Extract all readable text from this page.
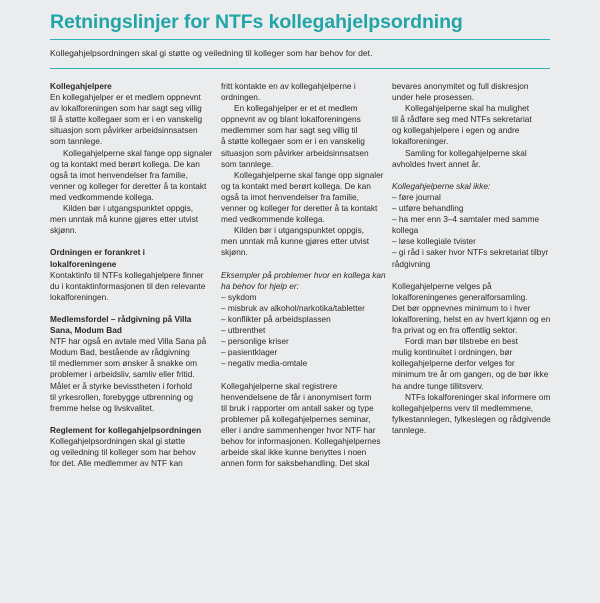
Retningslinjer for NTFs kollegahjelpsordning

Kollegahjelpsordningen skal gi støtte og veiledning til kolleger som har behov for det.

Kollegahjelpere

En kollegahjelper er et medlem oppnevnt
av lokalforeningen som har sagt seg villig
til å støtte kollegaer som er i en vanskelig
situasjon som påvirker arbeidsinnsatsen
som tannlege.

Kollegahjelperne skal fange opp signaler
og ta kontakt med berørt kollega. De kan
også ta imot henvendelser fra familie,
venner og kolleger for deretter å ta kontakt
med vedkommende kollega.

Kilden bør i utgangspunktet oppgis,
men unntak må kunne gjøres etter utvist
skjønn.

Ordningen er forankret i
lokalforeningene

Kontaktinfo til NTFs kollegahjelpere finner
du i kontaktinformasjonen til den relevante
lokalforeningen.

Medlemsfordel – rådgivning på Villa
Sana, Modum Bad

NTF har også en avtale med Villa Sana på
Modum Bad, bestående av rådgivning
til medlemmer som ønsker å snakke om
problemer i arbeidsliv, samliv eller fritid.
Målet er å styrke bevisstheten i forhold
til yrkesrollen, forebygge utbrenning og
fremme helse og livskvalitet.

Reglement for kollegahjelpsordningen

Kollegahjelpsordningen skal gi støtte
og veiledning til kolleger som har behov
for det. Alle medlemmer av NTF kan

fritt kontakte en av kollegahjelperne i
ordningen.

En kollegahjelper er et et medlem
oppnevnt av og blant lokalforeningens
medlemmer som har sagt seg villig til
å støtte kollegaer som er i en vanskelig
situasjon som påvirker arbeidsinnsatsen
som tannlege.

Kollegahjelperne skal fange opp signaler
og ta kontakt med berørt kollega. De kan
også ta imot henvendelser fra familie,
venner og kolleger for deretter å ta kontakt
med vedkommende kollega.

Kilden bør i utgangspunktet oppgis,
men unntak må kunne gjøres etter utvist
skjønn.

Eksempler på problemer hvor en kollega kan
ha behov for hjelp er:

– sykdom
– misbruk av alkohol/narkotika/tabletter
– konflikter på arbeidsplassen
– utbrenthet
– personlige kriser
– pasientklager
– negativ media-omtale

Kollegahjelperne skal registrere
henvendelsene de får i anonymisert form
til bruk i rapporter om antall saker og type
problemer på kollegahjelpernes seminar,
eller i andre sammenhenger hvor NTF har
behov for informasjonen. Kollegahjelpernes
arbeide skal ikke kunne benyttes i noen
annen form for saksbehandling. Det skal

bevares anonymitet og full diskresjon
under hele prosessen.

Kollegahjelperne skal ha mulighet
til å rådføre seg med NTFs sekretariat
og kollegahjelpere i egen og andre
lokalforeninger.

Samling for kollegahjelperne skal
avholdes hvert annet år.

Kollegahjelperne skal ikke:

– føre journal
– utføre behandling
– ha mer enn 3–4 samtaler med samme
kollega
– løse kollegiale tvister
– gi råd i saker hvor NTFs sekretariat tilbyr
rådgivning

Kollegahjelperne velges på
lokalforeningenes generalforsamling.
Det bør oppnevnes minimum to i hver
lokalforening, helst en av hvert kjønn og en
fra privat og en fra offentlig sektor.

Fordi man bør tilstrebe en best
mulig kontinuitet i ordningen, bør
kollegahjelperne derfor velges for
minimum tre år om gangen, og de bør ikke
ha andre tunge tillitsverv.

NTFs lokalforeninger skal informere om
kollegahjelperns verv til medlemmene,
fylkestannlegen, fylkeslegen og rådgivende
tannlege.
